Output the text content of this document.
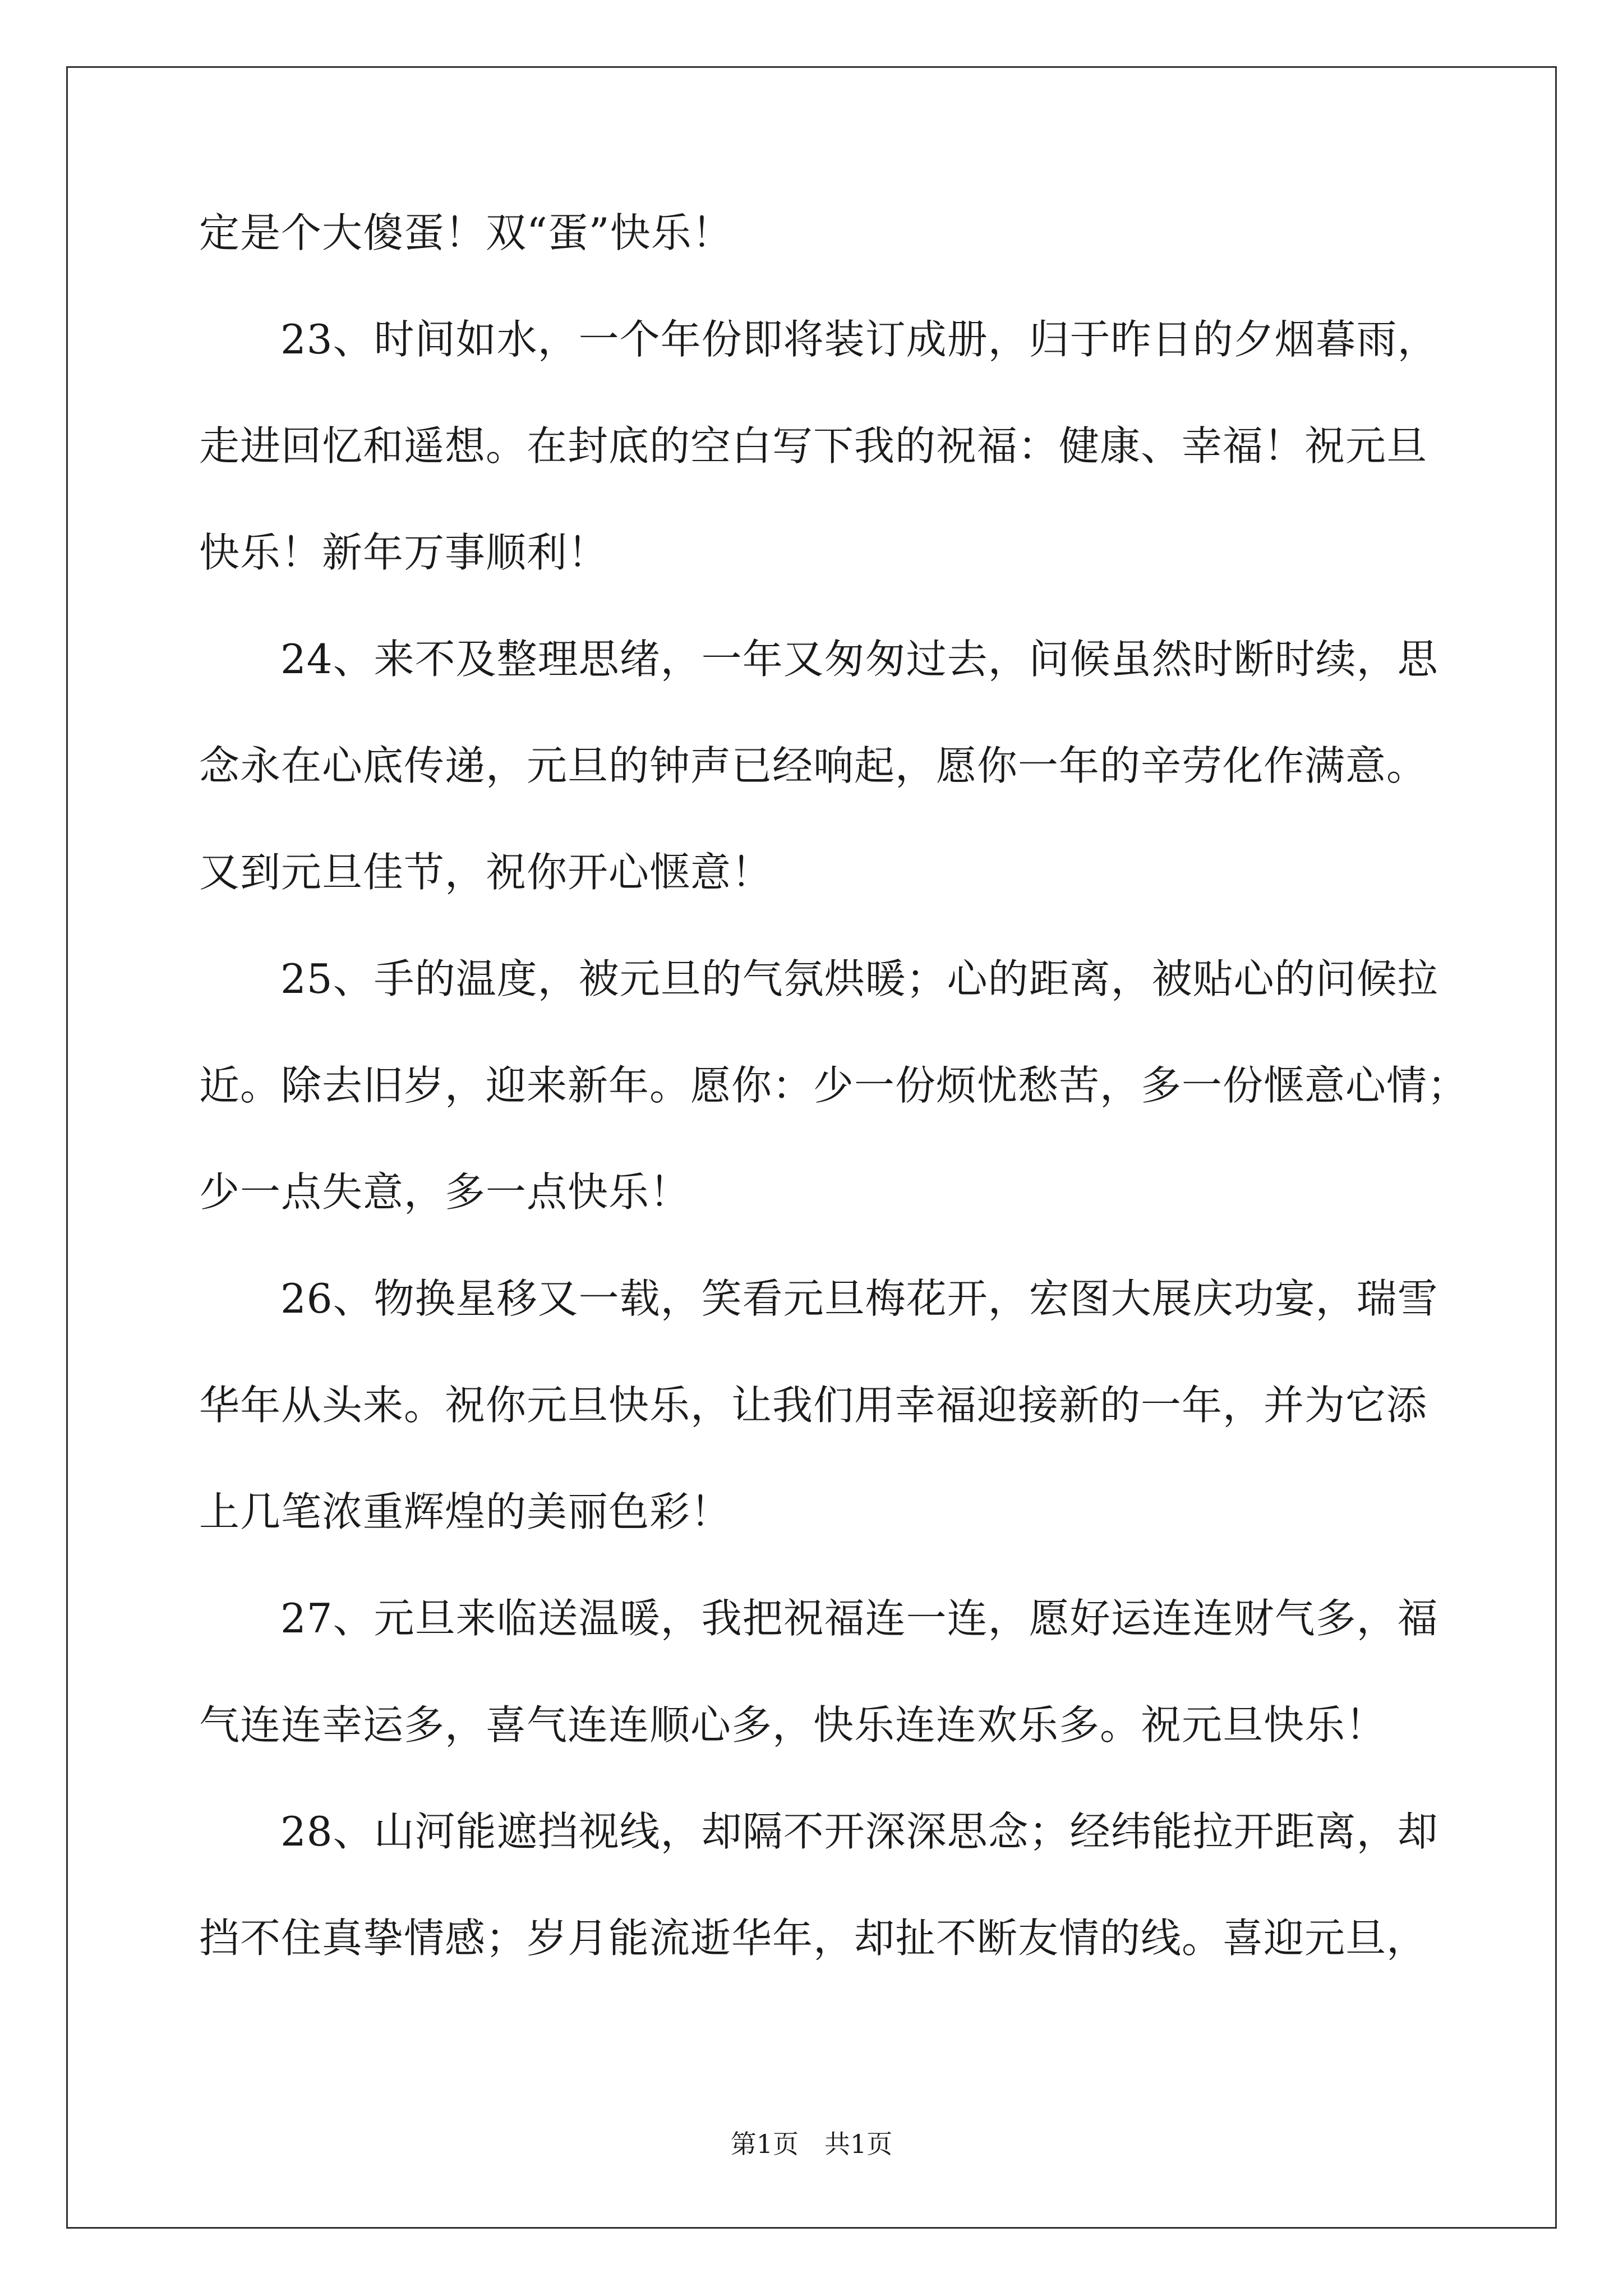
定是个大傻蛋！双“蛋”快乐！
23、时间如水，一个年份即将装订成册，归于昨日的夕烟暮雨，
走进回忆和遥想。在封底的空白写下我的祝福：健康、幸福！祝元旦
快乐！新年万事顺利！
24、来不及整理思绪，一年又匆匆过去，问候虽然时断时续，思
念永在心底传递，元旦的钟声已经响起，愿你一年的辛劳化作满意。
又到元旦佳节，祝你开心惬意！
25、手的温度，被元旦的气氛烘暖；心的距离，被贴心的问候拉
近。除去旧岁，迎来新年。愿你：少一份烦忧愁苦，多一份惬意心情；
少一点失意，多一点快乐！
26、物换星移又一载，笑看元旦梅花开，宏图大展庆功宴，瑞雪
华年从头来。祝你元旦快乐，让我们用幸福迎接新的一年，并为它添
上几笔浓重辉煌的美丽色彩！
27、元旦来临送温暖，我把祝福连一连，愿好运连连财气多，福
气连连幸运多，喜气连连顺心多，快乐连连欢乐多。祝元旦快乐！
28、山河能遮挡视线，却隔不开深深思念；经纬能拉开距离，却
挡不住真挚情感；岁月能流逝华年，却扯不断友情的线。喜迎元旦，
第1页　共1页
